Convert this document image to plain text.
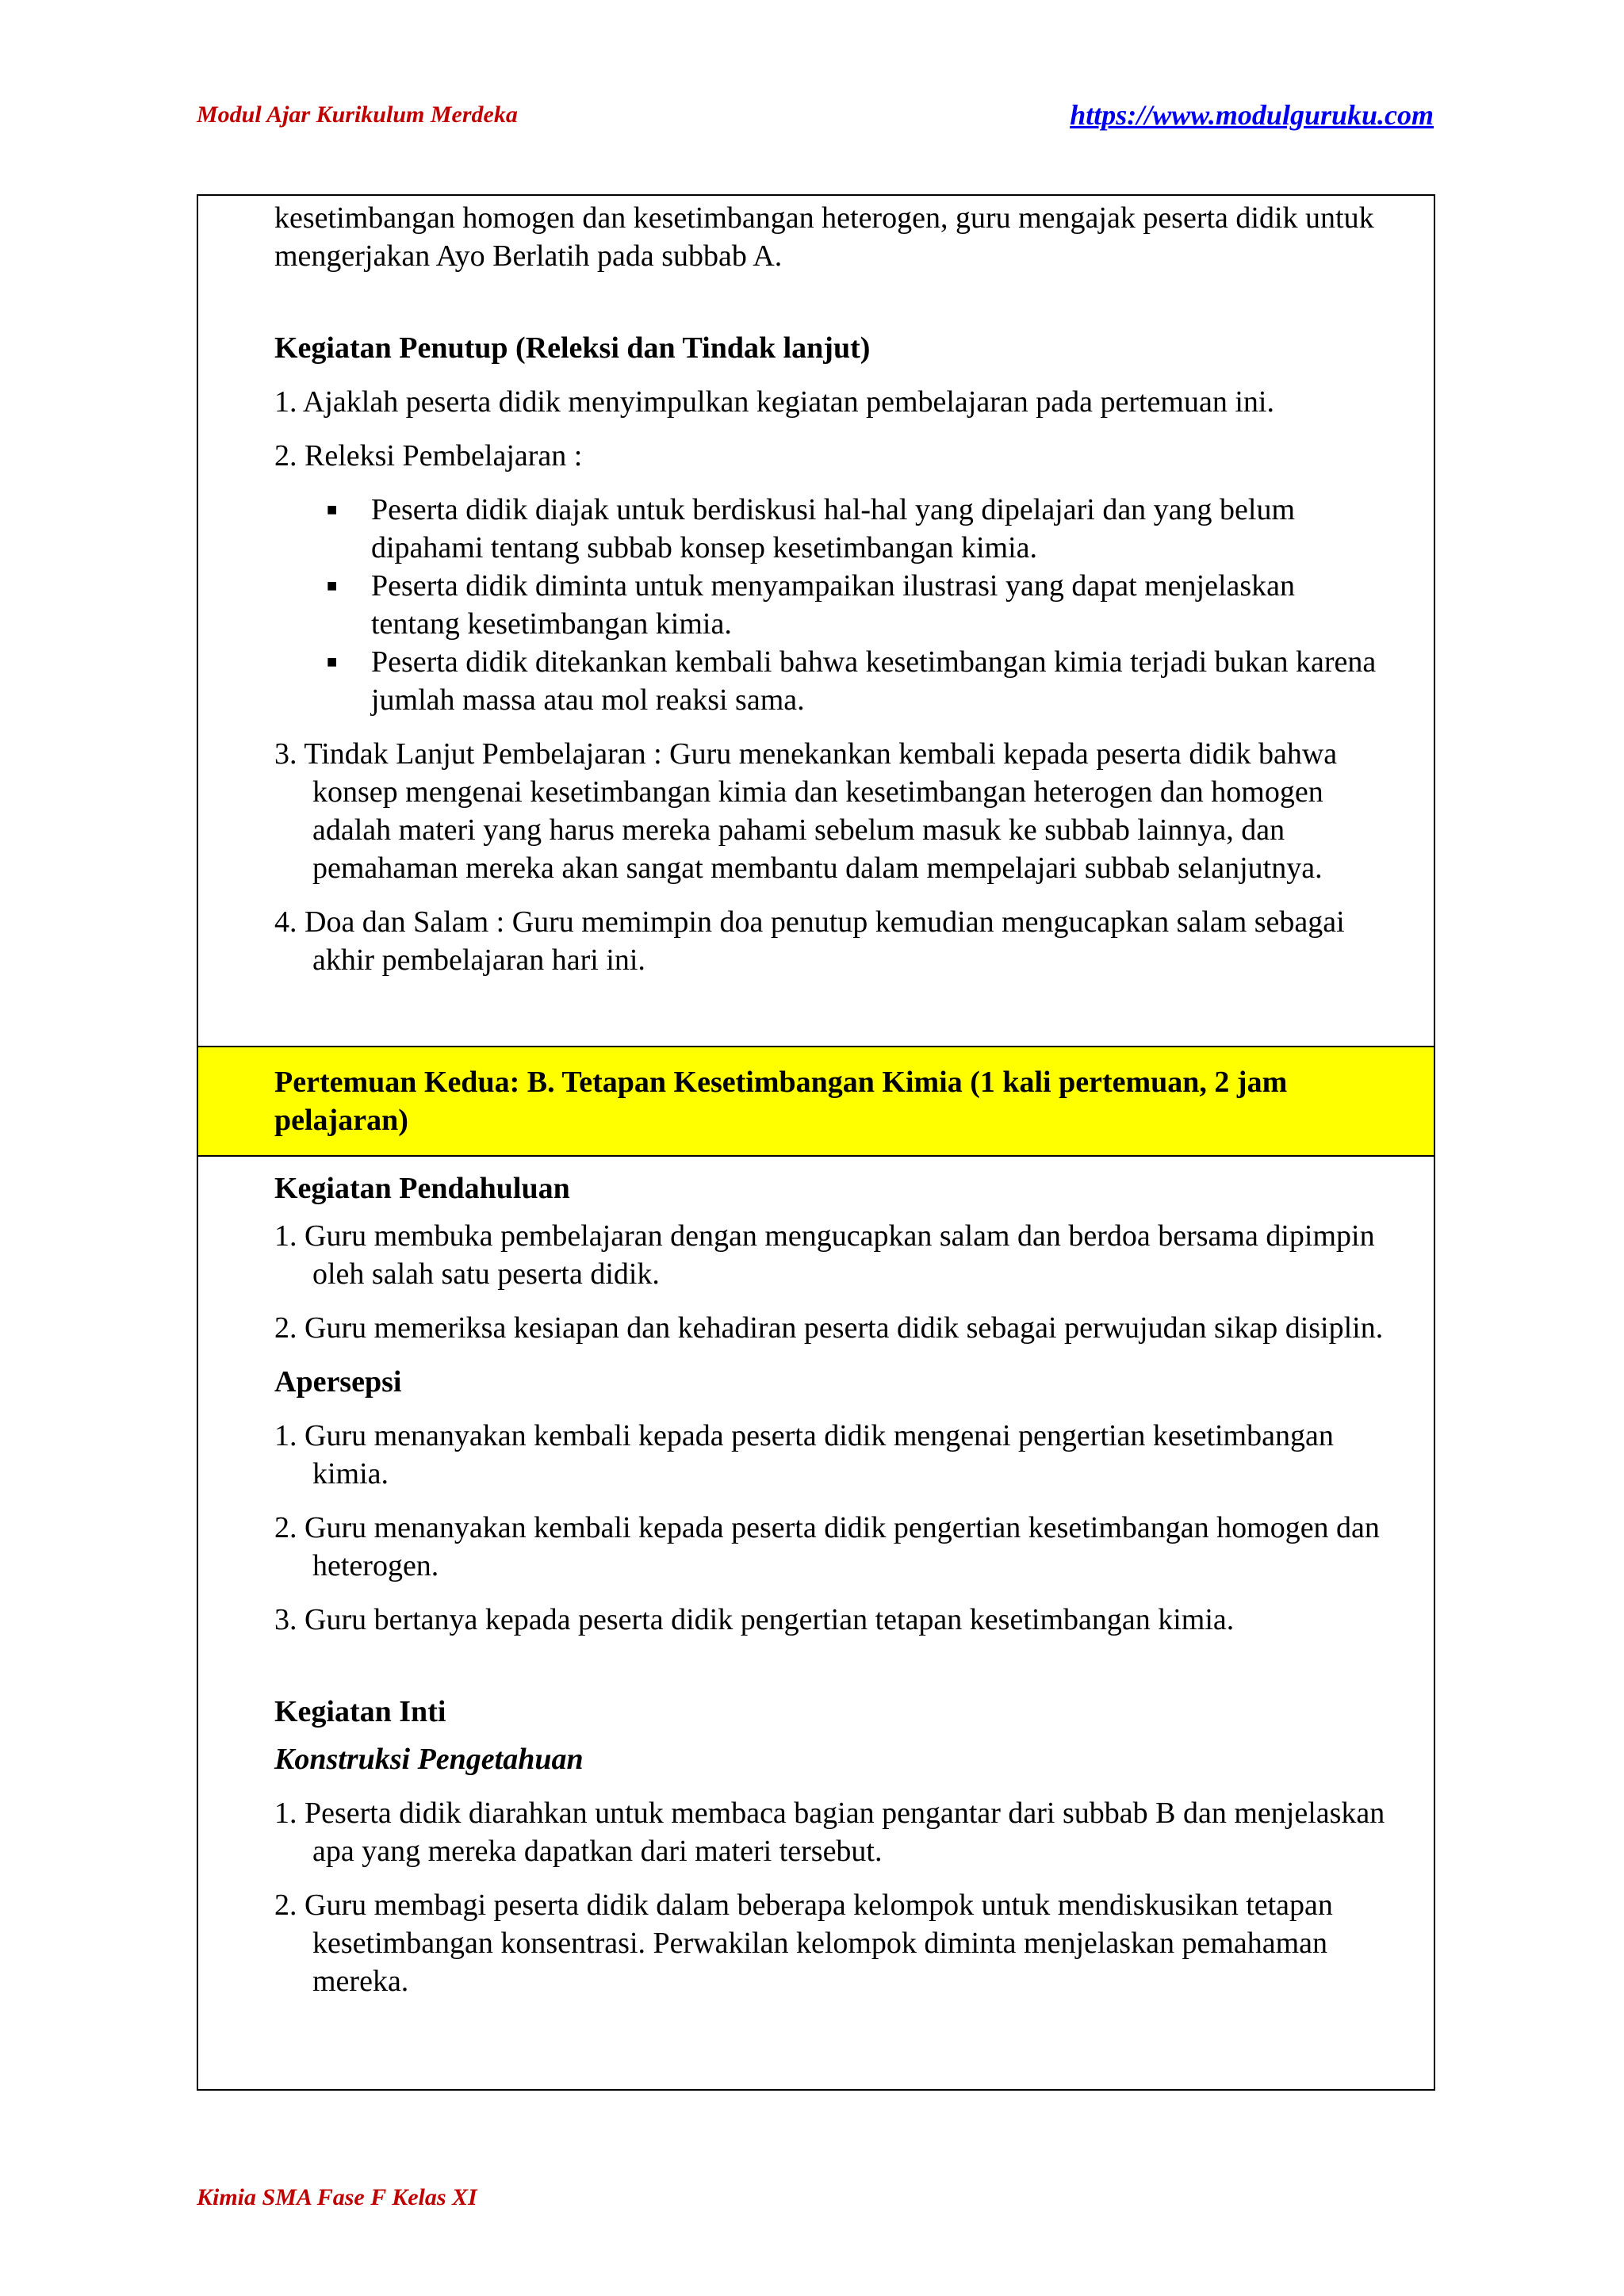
Modul Ajar Kurikulum Merdeka	https://www.modulguruku.com

kesetimbangan homogen dan kesetimbangan heterogen, guru mengajak peserta didik untuk mengerjakan Ayo Berlatih pada subbab A.

Kegiatan Penutup (Releksi dan Tindak lanjut)

1. Ajaklah peserta didik menyimpulkan kegiatan pembelajaran pada pertemuan ini.

2. Releksi Pembelajaran :

■ Peserta didik diajak untuk berdiskusi hal-hal yang dipelajari dan yang belum dipahami tentang subbab konsep kesetimbangan kimia.
■ Peserta didik diminta untuk menyampaikan ilustrasi yang dapat menjelaskan tentang kesetimbangan kimia.
■ Peserta didik ditekankan kembali bahwa kesetimbangan kimia terjadi bukan karena jumlah massa atau mol reaksi sama.

3. Tindak Lanjut Pembelajaran : Guru menekankan kembali kepada peserta didik bahwa konsep mengenai kesetimbangan kimia dan kesetimbangan heterogen dan homogen adalah materi yang harus mereka pahami sebelum masuk ke subbab lainnya, dan pemahaman mereka akan sangat membantu dalam mempelajari subbab selanjutnya.

4. Doa dan Salam : Guru memimpin doa penutup kemudian mengucapkan salam sebagai akhir pembelajaran hari ini.

Pertemuan Kedua: B. Tetapan Kesetimbangan Kimia (1 kali pertemuan, 2 jam pelajaran)

Kegiatan Pendahuluan

1. Guru membuka pembelajaran dengan mengucapkan salam dan berdoa bersama dipimpin oleh salah satu peserta didik.

2. Guru memeriksa kesiapan dan kehadiran peserta didik sebagai perwujudan sikap disiplin.

Apersepsi

1. Guru menanyakan kembali kepada peserta didik mengenai pengertian kesetimbangan kimia.

2. Guru menanyakan kembali kepada peserta didik pengertian kesetimbangan homogen dan heterogen.

3. Guru bertanya kepada peserta didik pengertian tetapan kesetimbangan kimia.

Kegiatan Inti

Konstruksi Pengetahuan

1. Peserta didik diarahkan untuk membaca bagian pengantar dari subbab B dan menjelaskan apa yang mereka dapatkan dari materi tersebut.

2. Guru membagi peserta didik dalam beberapa kelompok untuk mendiskusikan tetapan kesetimbangan konsentrasi. Perwakilan kelompok diminta menjelaskan pemahaman mereka.

Kimia SMA Fase F Kelas XI
